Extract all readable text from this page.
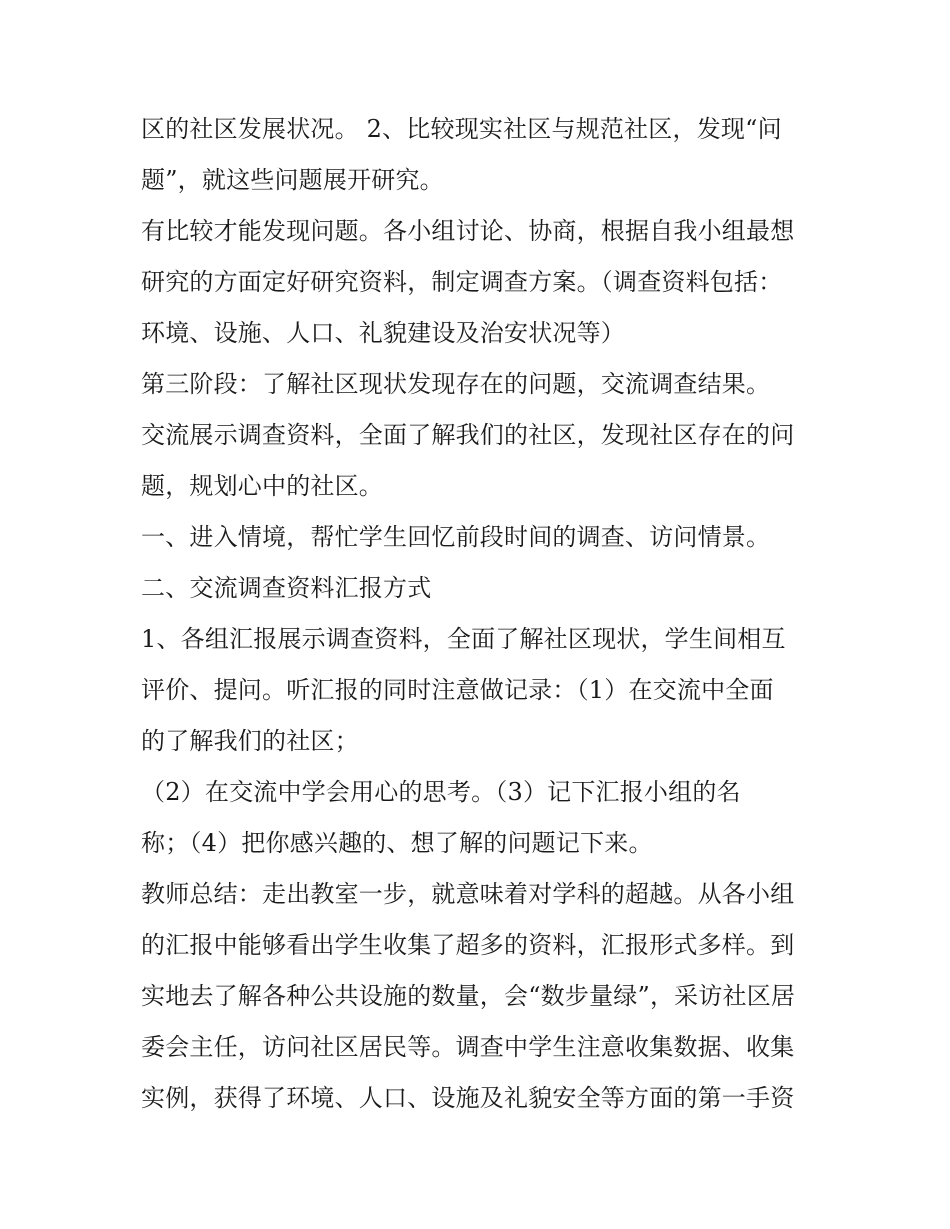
区的社区发展状况。 2、比较现实社区与规范社区，发现“问
题”，就这些问题展开研究。
有比较才能发现问题。各小组讨论、协商，根据自我小组最想
研究的方面定好研究资料，制定调查方案。（调查资料包括：
环境、设施、人口、礼貌建设及治安状况等）
第三阶段：了解社区现状发现存在的问题，交流调查结果。
交流展示调查资料，全面了解我们的社区，发现社区存在的问
题，规划心中的社区。
一、进入情境，帮忙学生回忆前段时间的调查、访问情景。
二、交流调查资料汇报方式
1、各组汇报展示调查资料，全面了解社区现状，学生间相互
评价、提问。听汇报的同时注意做记录：（1）在交流中全面
的了解我们的社区；
（2）在交流中学会用心的思考。（3）记下汇报小组的名
称；（4）把你感兴趣的、想了解的问题记下来。
教师总结：走出教室一步，就意味着对学科的超越。从各小组
的汇报中能够看出学生收集了超多的资料，汇报形式多样。到
实地去了解各种公共设施的数量，会“数步量绿”，采访社区居
委会主任，访问社区居民等。调查中学生注意收集数据、收集
实例，获得了环境、人口、设施及礼貌安全等方面的第一手资
